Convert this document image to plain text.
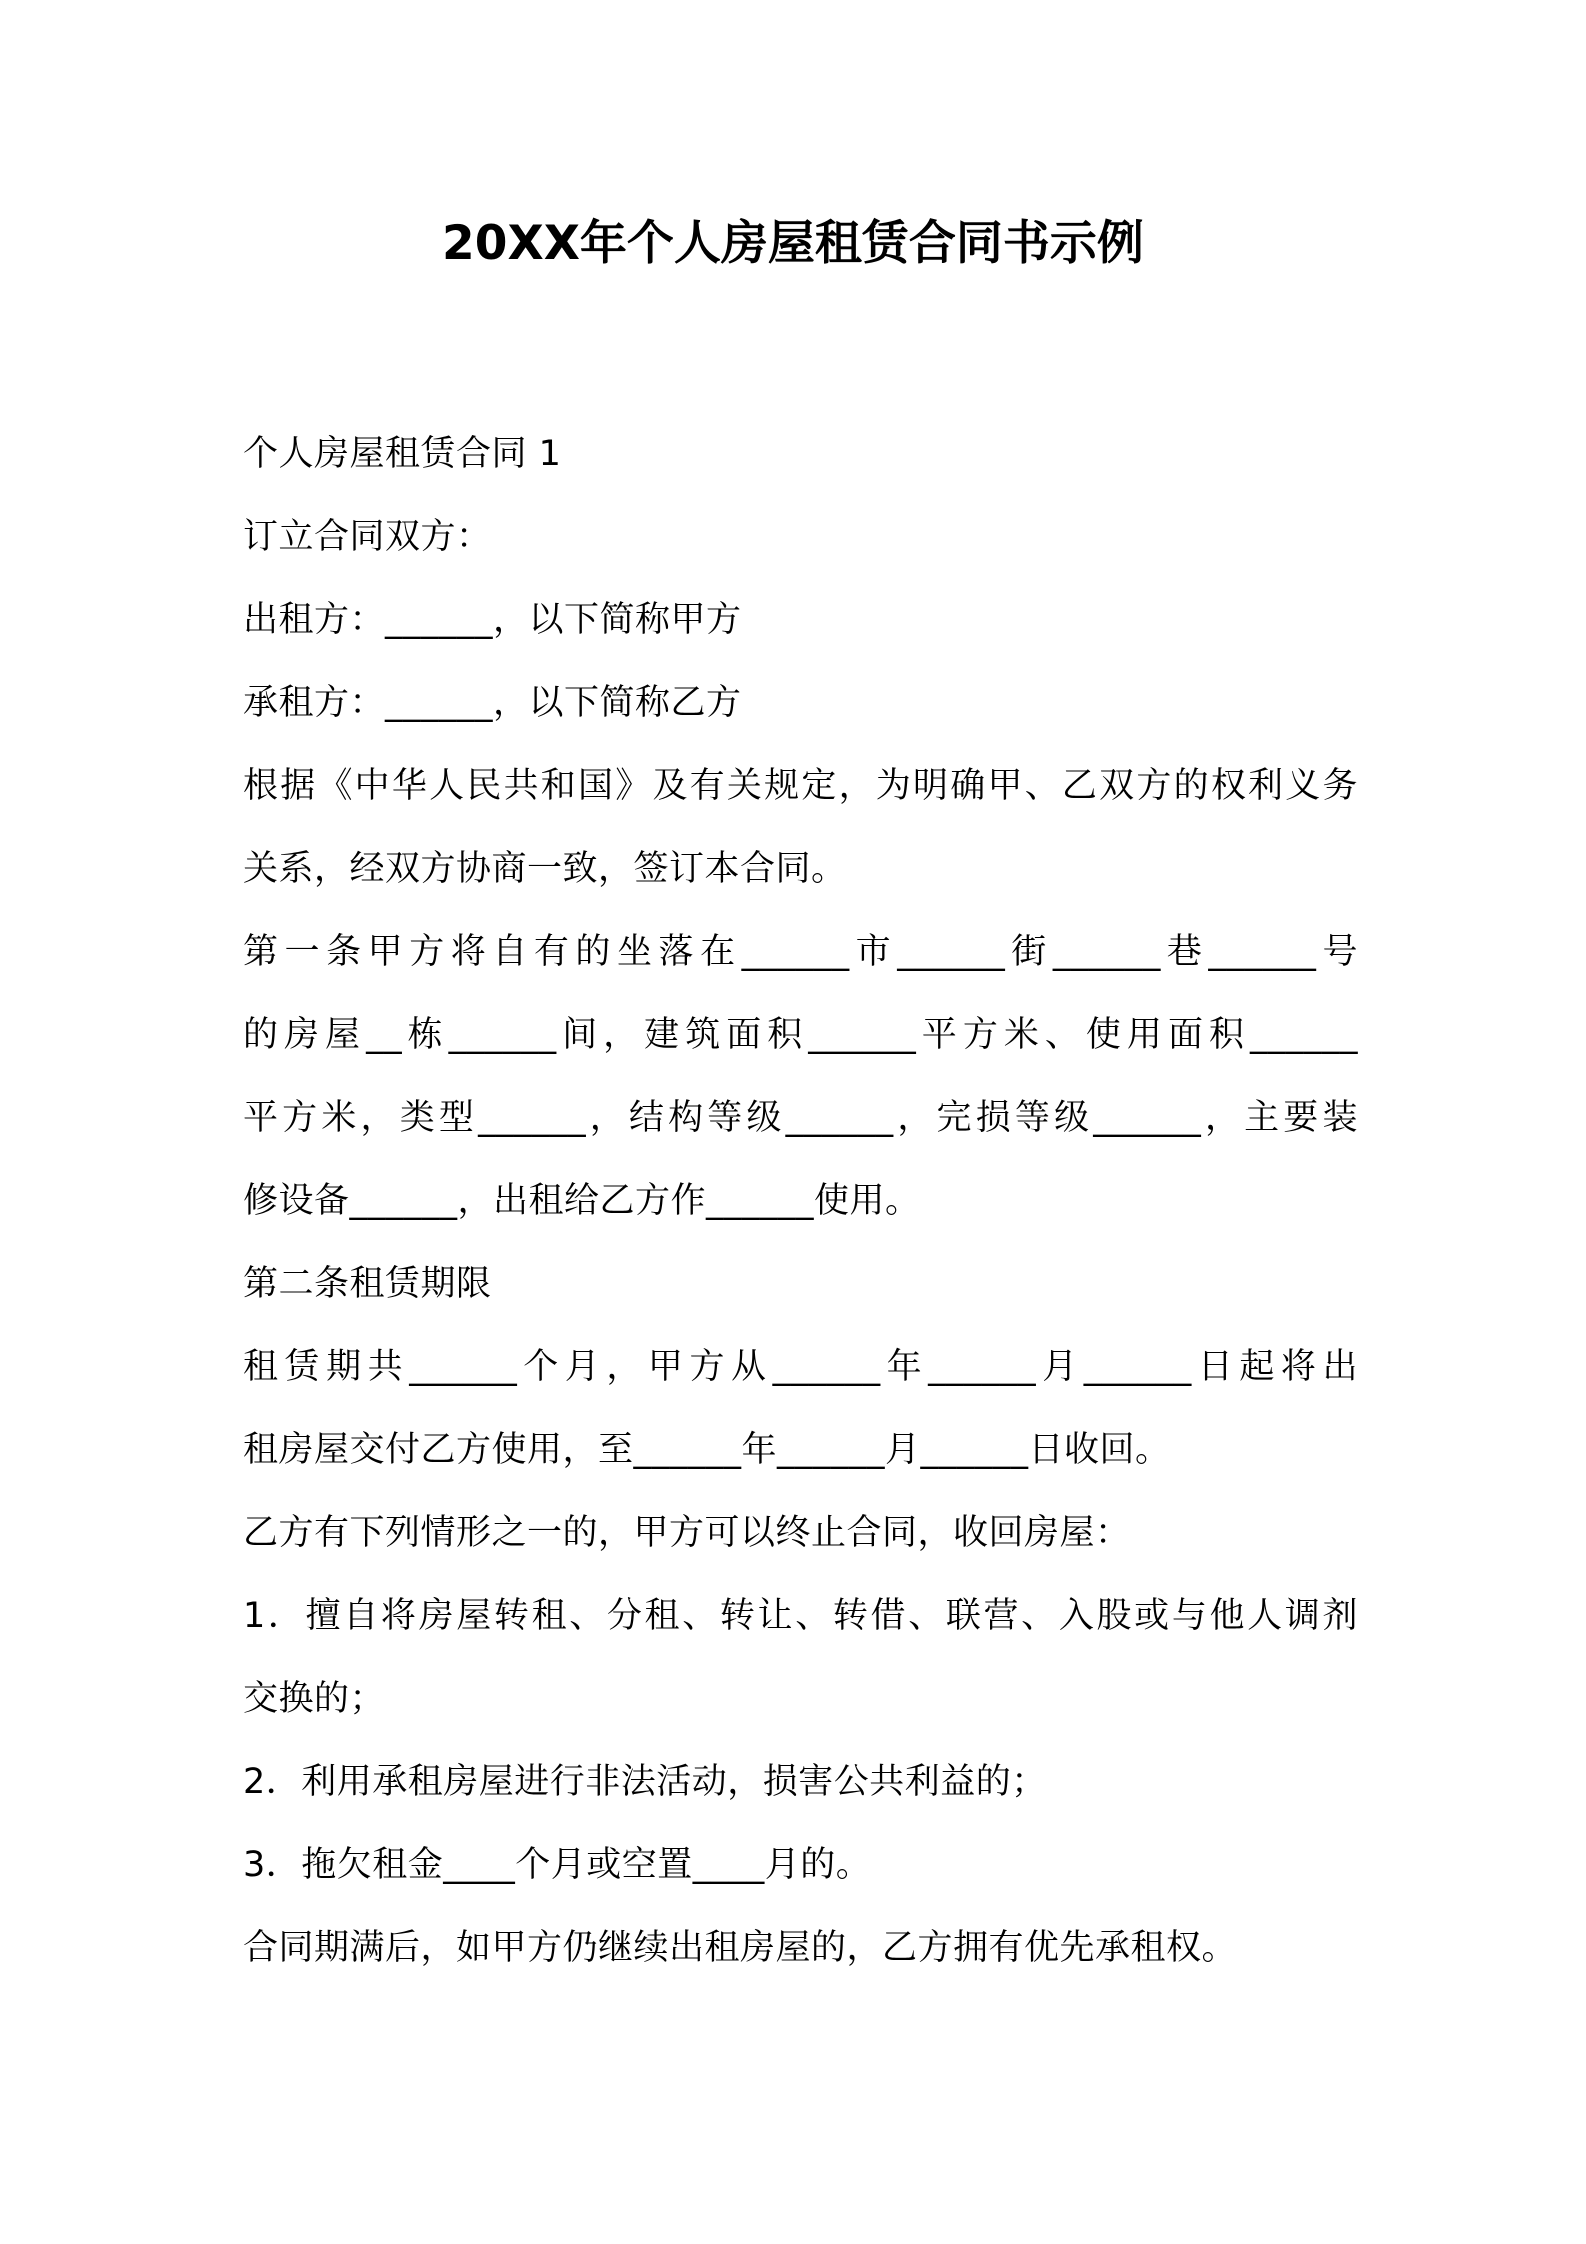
20XX年个人房屋租赁合同书示例
个人房屋租赁合同 1
订立合同双方：
出租方：______，以下简称甲方
承租方：______，以下简称乙方
根据《中华人民共和国》及有关规定，为明确甲、乙双方的权利义务
关系，经双方协商一致，签订本合同。
第一条甲方将自有的坐落在______市______街______巷______号
的房屋__栋______间，建筑面积______平方米、使用面积______
平方米，类型______，结构等级______，完损等级______，主要装
修设备______，出租给乙方作______使用。
第二条租赁期限
租赁期共______个月，甲方从______年______月______日起将出
租房屋交付乙方使用，至______年______月______日收回。
乙方有下列情形之一的，甲方可以终止合同，收回房屋：
1．擅自将房屋转租、分租、转让、转借、联营、入股或与他人调剂
交换的；
2．利用承租房屋进行非法活动，损害公共利益的；
3．拖欠租金____个月或空置____月的。
合同期满后，如甲方仍继续出租房屋的，乙方拥有优先承租权。
